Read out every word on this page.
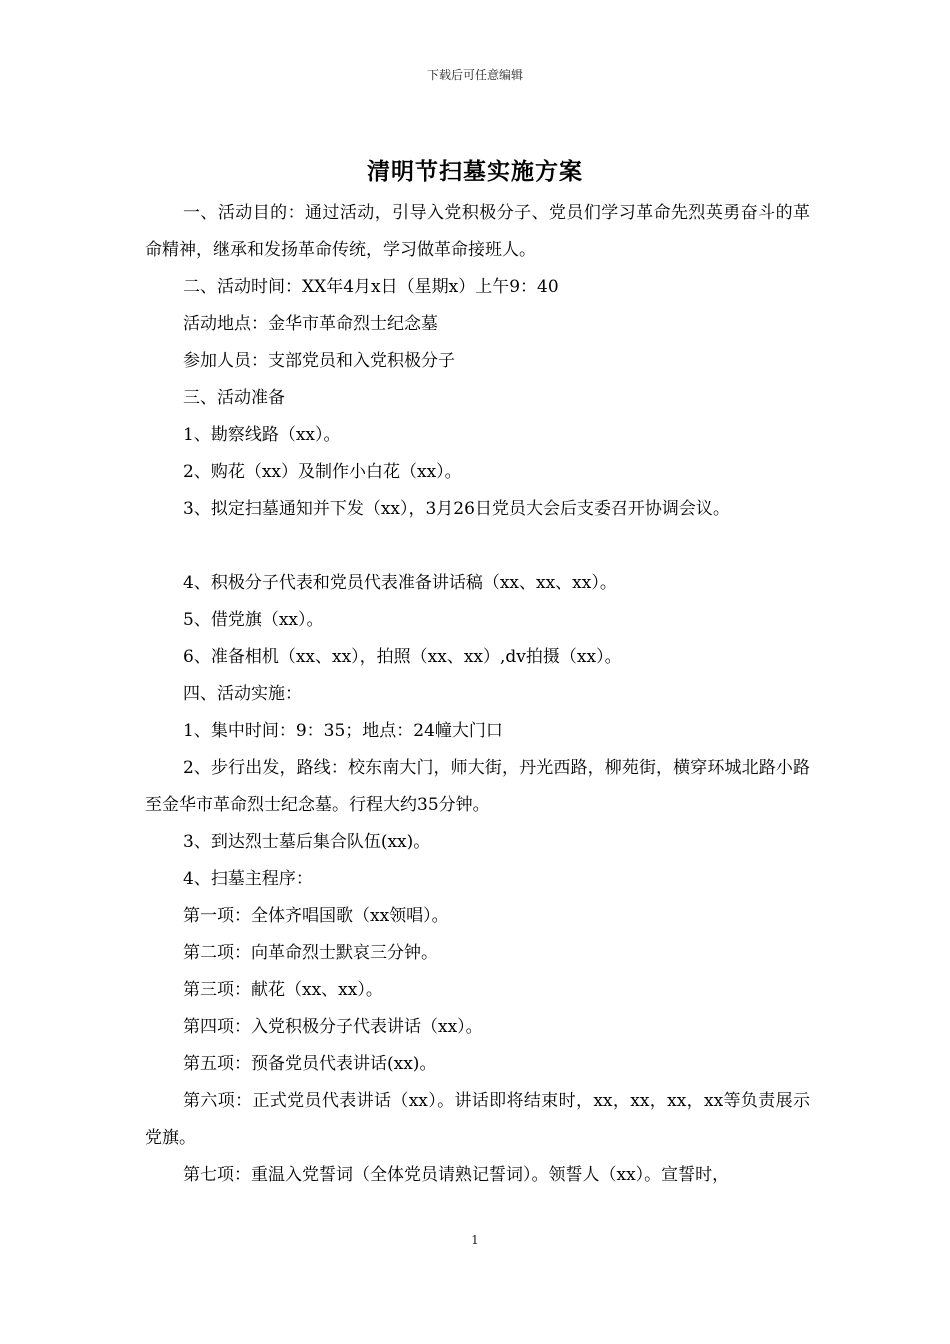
下载后可任意编辑
清明节扫墓实施方案

一、活动目的：通过活动，引导入党积极分子、党员们学习革命先烈英勇奋斗的革命精神，继承和发扬革命传统，学习做革命接班人。

二、活动时间：XX年4月x日（星期x）上午9：40

活动地点：金华市革命烈士纪念墓

参加人员：支部党员和入党积极分子

三、活动准备

1、勘察线路（xx）。

2、购花（xx）及制作小白花（xx）。

3、拟定扫墓通知并下发（xx），3月26日党员大会后支委召开协调会议。

4、积极分子代表和党员代表准备讲话稿（xx、xx、xx）。

5、借党旗（xx）。

6、准备相机（xx、xx），拍照（xx、xx）,dv拍摄（xx）。

四、活动实施：

1、集中时间：9：35；地点：24幢大门口

2、步行出发，路线：校东南大门，师大街，丹光西路，柳苑街，横穿环城北路小路至金华市革命烈士纪念墓。行程大约35分钟。

3、到达烈士墓后集合队伍(xx)。

4、扫墓主程序：

第一项：全体齐唱国歌（xx领唱）。

第二项：向革命烈士默哀三分钟。

第三项：献花（xx、xx）。

第四项：入党积极分子代表讲话（xx）。

第五项：预备党员代表讲话(xx)。

第六项：正式党员代表讲话（xx）。讲话即将结束时，xx，xx，xx，xx等负责展示党旗。

第七项：重温入党誓词（全体党员请熟记誓词）。领誓人（xx）。宣誓时，

1
